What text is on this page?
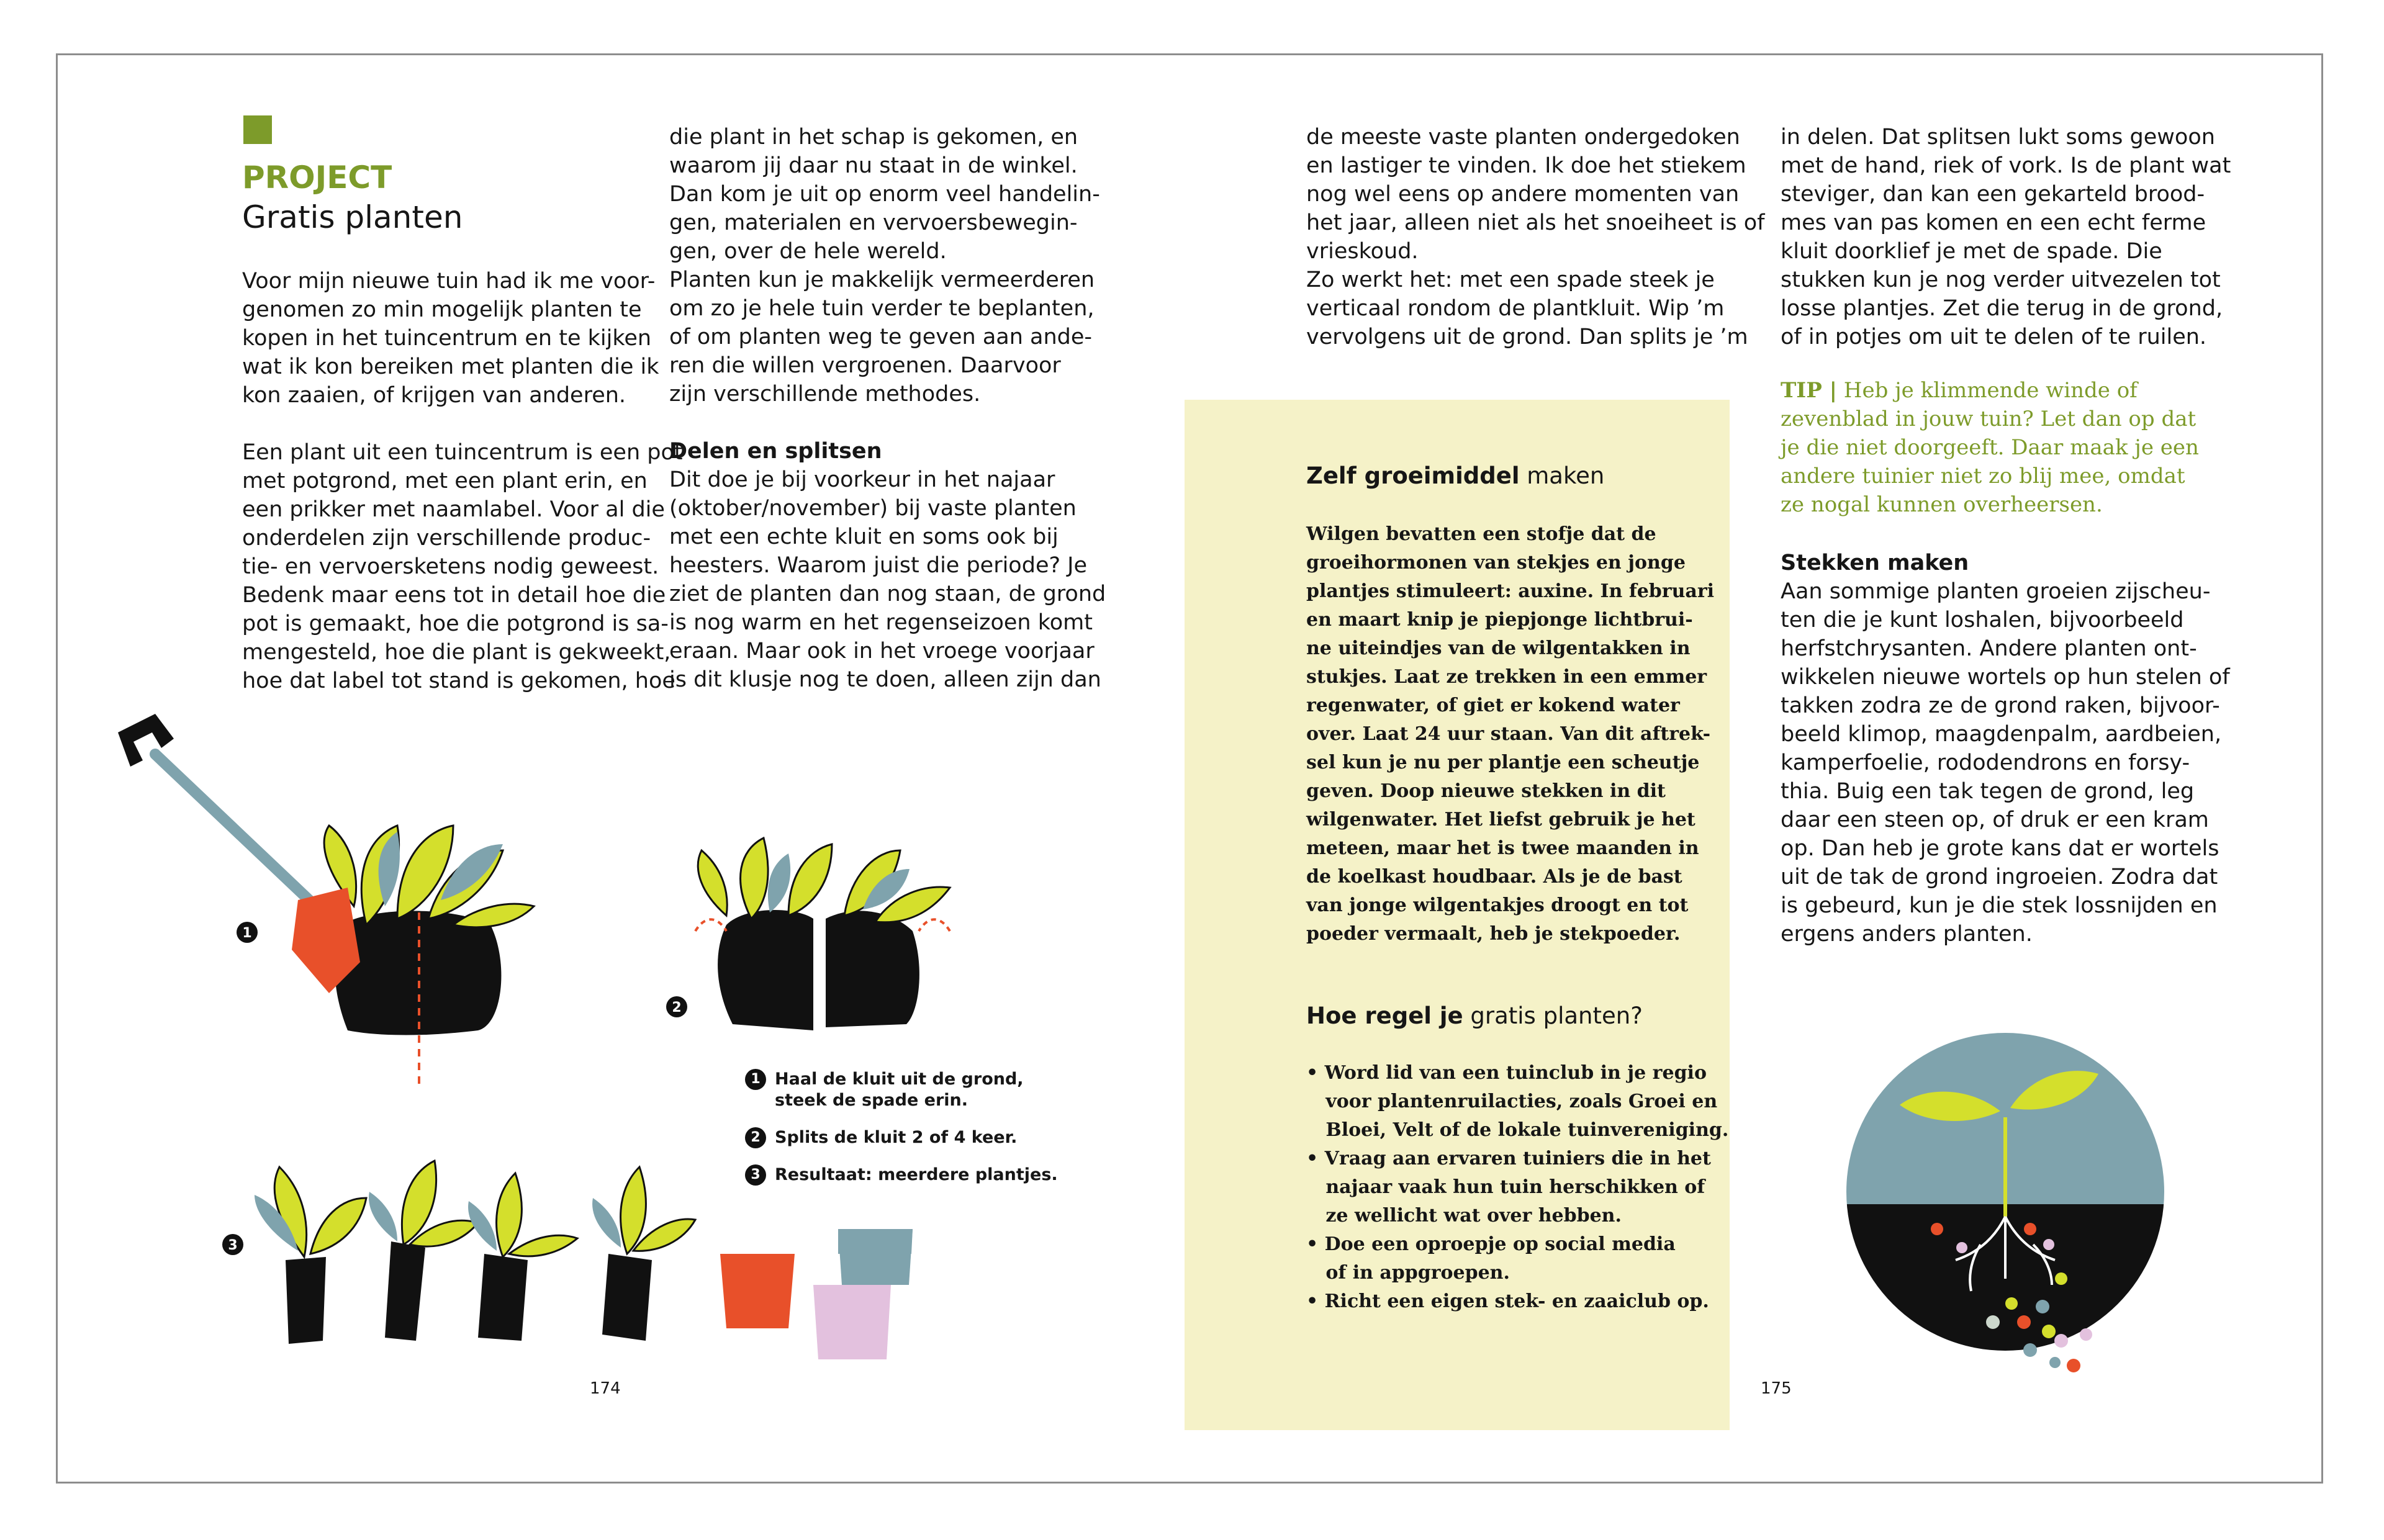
PROJECT
Gratis planten

Voor mijn nieuwe tuin had ik me voor-

genomen zo min mogelijk planten te

kopen in het tuincentrum en te kijken

wat ik kon bereiken met planten die ik

kon zaaien, of krijgen van anderen.

Een plant uit een tuincentrum is een pot

met potgrond, met een plant erin, en

een prikker met naamlabel. Voor al die

onderdelen zijn verschillende produc-

tie- en vervoersketens nodig geweest.

Bedenk maar eens tot in detail hoe die

pot is gemaakt, hoe die potgrond is sa-

mengesteld, hoe die plant is gekweekt,

hoe dat label tot stand is gekomen, hoe

die plant in het schap is gekomen, en

waarom jij daar nu staat in de winkel.

Dan kom je uit op enorm veel handelin-

gen, materialen en vervoersbewegin-

gen, over de hele wereld.

Planten kun je makkelijk vermeerderen

om zo je hele tuin verder te beplanten,

of om planten weg te geven aan ande-

ren die willen vergroenen. Daarvoor

zijn verschillende methodes.

Delen en splitsen

Dit doe je bij voorkeur in het najaar

(oktober/november) bij vaste planten

met een echte kluit en soms ook bij

heesters. Waarom juist die periode? Je

ziet de planten dan nog staan, de grond

is nog warm en het regenseizoen komt

eraan. Maar ook in het vroege voorjaar

is dit klusje nog te doen, alleen zijn dan

1
2
3
1 Haal de kluit uit de grond,
steek de spade erin.

2 Splits de kluit 2 of 4 keer.

3 Resultaat: meerdere plantjes.

174

de meeste vaste planten ondergedoken

en lastiger te vinden. Ik doe het stiekem

nog wel eens op andere momenten van

het jaar, alleen niet als het snoeiheet is of

vrieskoud.

Zo werkt het: met een spade steek je

verticaal rondom de plantkluit. Wip ’m

vervolgens uit de grond. Dan splits je ’m

Zelf groeimiddel maken

Wilgen bevatten een stofje dat de

groeihormonen van stekjes en jonge

plantjes stimuleert: auxine. In februari

en maart knip je piepjonge lichtbrui-

ne uiteindjes van de wilgentakken in

stukjes. Laat ze trekken in een emmer

regenwater, of giet er kokend water

over. Laat 24 uur staan. Van dit aftrek-

sel kun je nu per plantje een scheutje

geven. Doop nieuwe stekken in dit

wilgenwater. Het liefst gebruik je het

meteen, maar het is twee maanden in

de koelkast houdbaar. Als je de bast

van jonge wilgentakjes droogt en tot

poeder vermaalt, heb je stekpoeder.

Hoe regel je gratis planten?

• Word lid van een tuinclub in je regio

voor plantenruilacties, zoals Groei en

Bloei, Velt of de lokale tuinvereniging.

• Vraag aan ervaren tuiniers die in het

najaar vaak hun tuin herschikken of

ze wellicht wat over hebben.

• Doe een oproepje op social media

of in appgroepen.

• Richt een eigen stek- en zaaiclub op.

in delen. Dat splitsen lukt soms gewoon

met de hand, riek of vork. Is de plant wat

steviger, dan kan een gekarteld brood-

mes van pas komen en een echt ferme

kluit doorklief je met de spade. Die

stukken kun je nog verder uitvezelen tot

losse plantjes. Zet die terug in de grond,

of in potjes om uit te delen of te ruilen.

TIP | Heb je klimmende winde of

zevenblad in jouw tuin? Let dan op dat

je die niet doorgeeft. Daar maak je een

andere tuinier niet zo blij mee, omdat

ze nogal kunnen overheersen.

Stekken maken

Aan sommige planten groeien zijscheu-

ten die je kunt loshalen, bijvoorbeeld

herfstchrysanten. Andere planten ont-

wikkelen nieuwe wortels op hun stelen of

takken zodra ze de grond raken, bijvoor-

beeld klimop, maagdenpalm, aardbeien,

kamperfoelie, rododendrons en forsy-

thia. Buig een tak tegen de grond, leg

daar een steen op, of druk er een kram

op. Dan heb je grote kans dat er wortels

uit de tak de grond ingroeien. Zodra dat

is gebeurd, kun je die stek lossnijden en

ergens anders planten.

175
